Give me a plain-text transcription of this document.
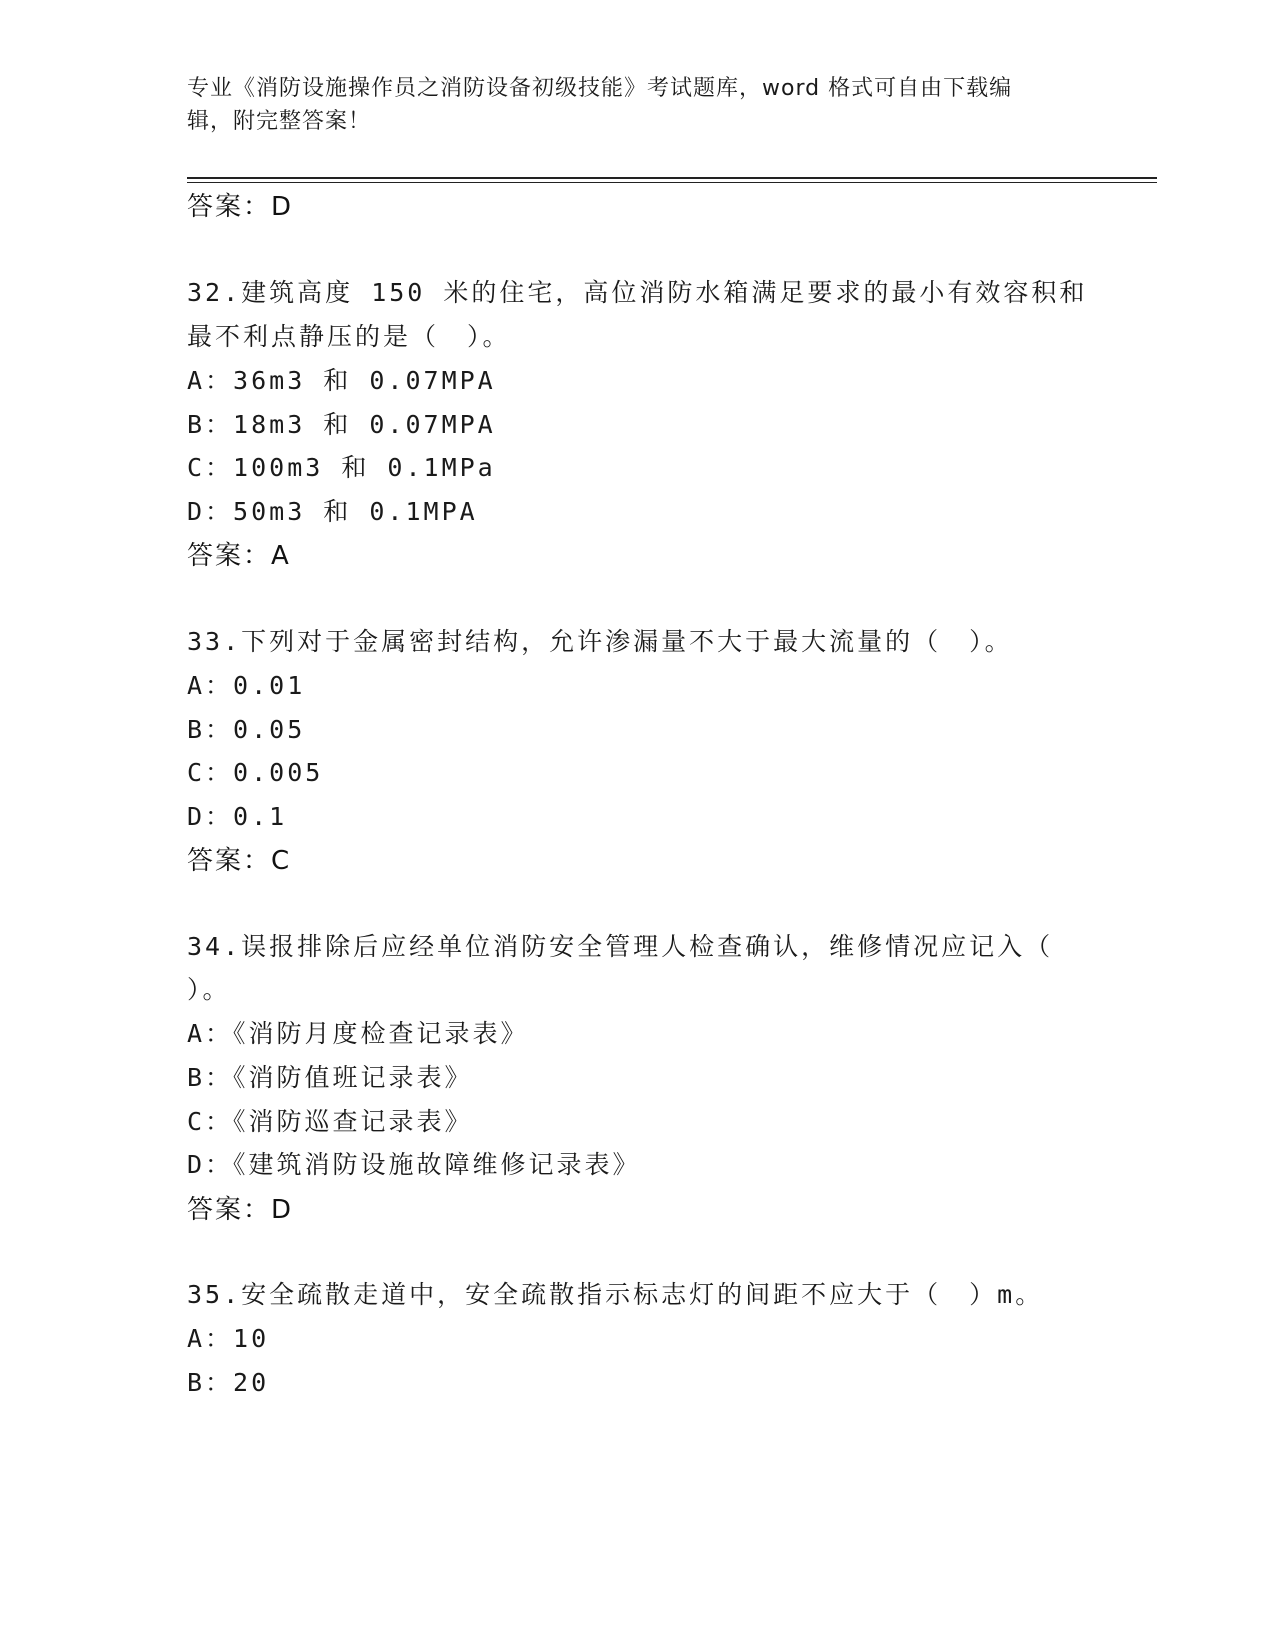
专业《消防设施操作员之消防设备初级技能》考试题库，word 格式可自由下载编
辑，附完整答案！
答案：D
32.建筑高度 150 米的住宅，高位消防水箱满足要求的最小有效容积和
最不利点静压的是（　）。
A：36m3 和 0.07MPA
B：18m3 和 0.07MPA
C：100m3 和 0.1MPa
D：50m3 和 0.1MPA
答案：A
33.下列对于金属密封结构，允许渗漏量不大于最大流量的（　）。
A：0.01
B：0.05
C：0.005
D：0.1
答案：C
34.误报排除后应经单位消防安全管理人检查确认，维修情况应记入（
）。
A：《消防月度检查记录表》
B：《消防值班记录表》
C：《消防巡查记录表》
D：《建筑消防设施故障维修记录表》
答案：D
35.安全疏散走道中，安全疏散指示标志灯的间距不应大于（　）m。
A：10
B：20
